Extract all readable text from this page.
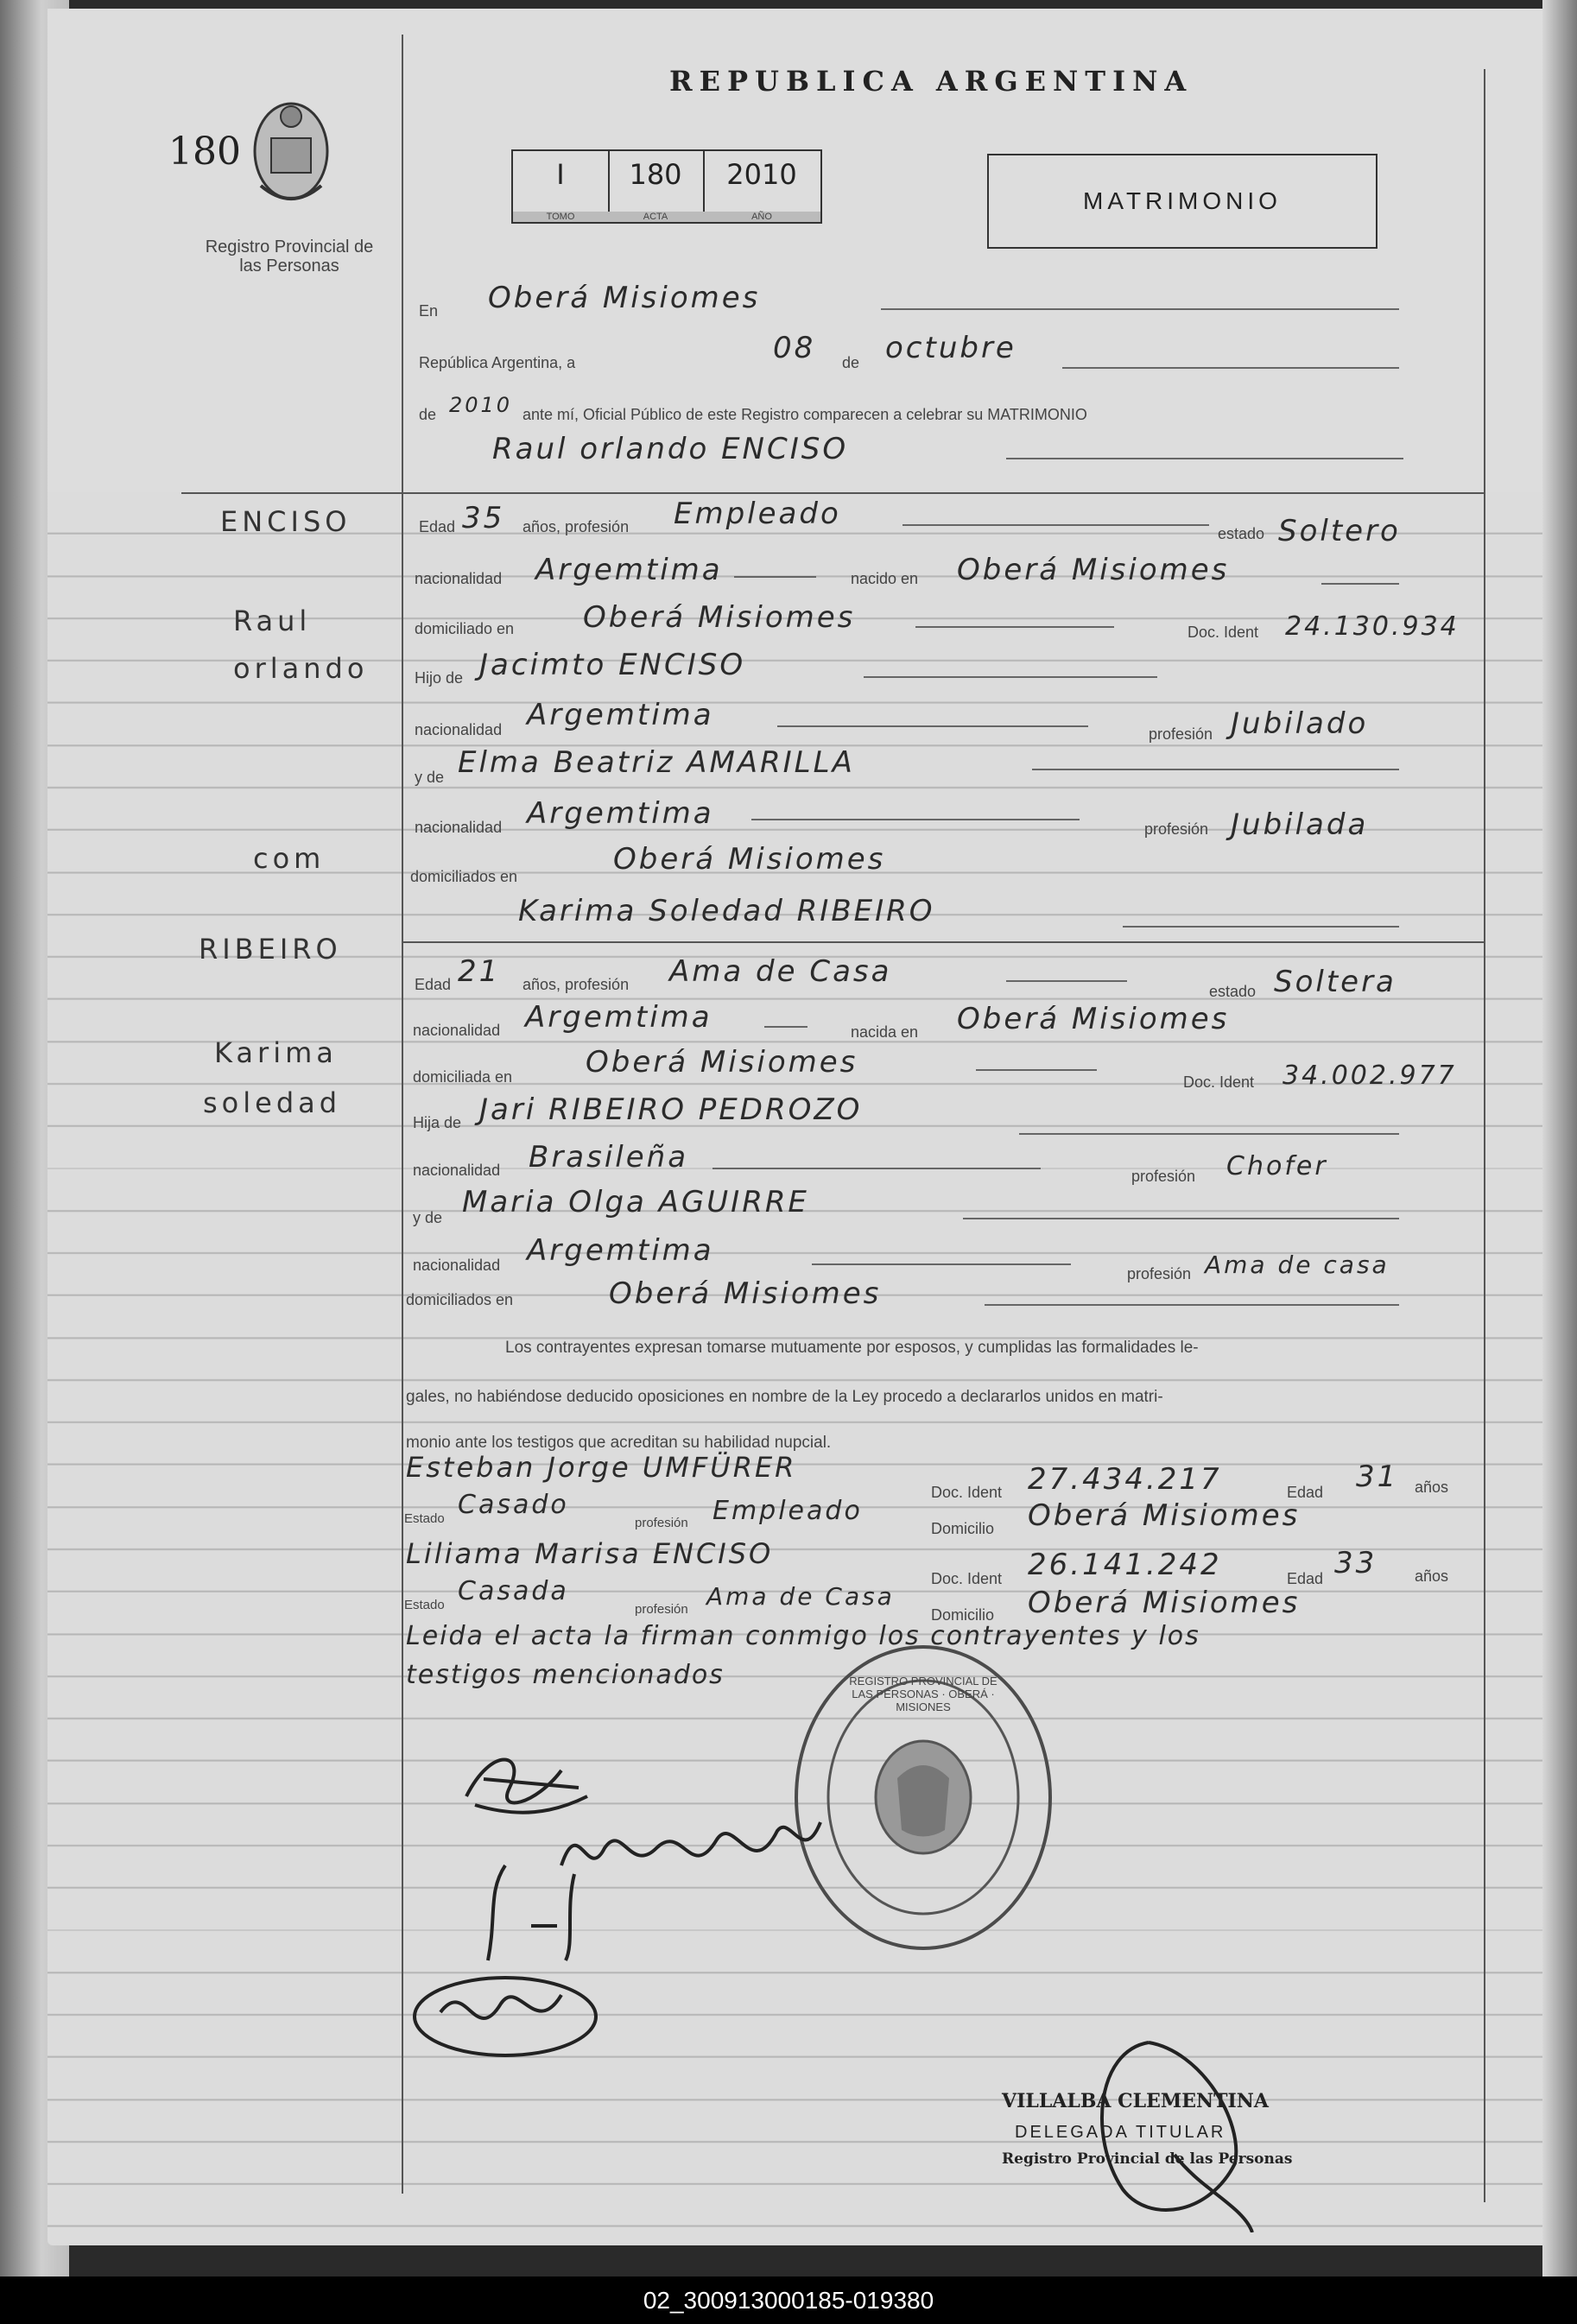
180
Registro Provincial de las Personas
REPUBLICA ARGENTINA
I
TOMO
180
ACTA
2010
AÑO
MATRIMONIO
En Oberá Misiomes
República Argentina, a	08 de octubre
de 2010 ante mí, Oficial Público de este Registro comparecen a celebrar su MATRIMONIO
Raul orlando ENCISO
ENCISO
Raul
orlando
com
RIBEIRO
Karima
soledad
Edad 35 años, profesión Empleado
estado Soltero
nacionalidad Argemtima	nacido en Oberá Misiomes
domiciliado en Oberá Misiomes	Doc. Ident 24.130.934
Hijo de Jacimto ENCISO
nacionalidad Argemtima
profesión Jubilado
y de Elma Beatriz AMARILLA
nacionalidad Argemtima	profesión Jubilada
domiciliados en	Oberá Misiomes
Karima Soledad RIBEIRO
Edad 21 años, profesión Ama de Casa
estado Soltera
nacionalidad Argemtima	nacida en Oberá Misiomes
domiciliada en Oberá Misiomes
Doc. Ident 34.002.977
Hija de Jari RIBEIRO PEDROZO
nacionalidad Brasileña
profesión Chofer
y de Maria Olga AGUIRRE
nacionalidad Argemtima
profesión Ama de casa
domiciliados en	Oberá Misiomes
Los contrayentes expresan tomarse mutuamente por esposos, y cumplidas las formalidades le-
gales, no habiéndose deducido oposiciones en nombre de la Ley procedo a declararlos unidos en matri-
monio ante los testigos que acreditan su habilidad nupcial.
Esteban Jorge UMFÜRER
Doc. Ident 27.434.217	Edad 31 años
Estado Casado
profesión Empleado
Domicilio Oberá Misiomes
Liliama Marisa ENCISO
Doc. Ident 26.141.242	Edad 33 años
Estado Casada
profesión Ama de Casa
Domicilio Oberá Misiomes
Leida el acta la firman conmigo los contrayentes y los
testigos mencionados	REGISTRO PROVINCIAL DE LAS PERSONAS · OBERÁ · MISIONES
VILLALBA CLEMENTINA
DELEGADA TITULAR
Registro Provincial de las Personas
02_300913000185-019380
